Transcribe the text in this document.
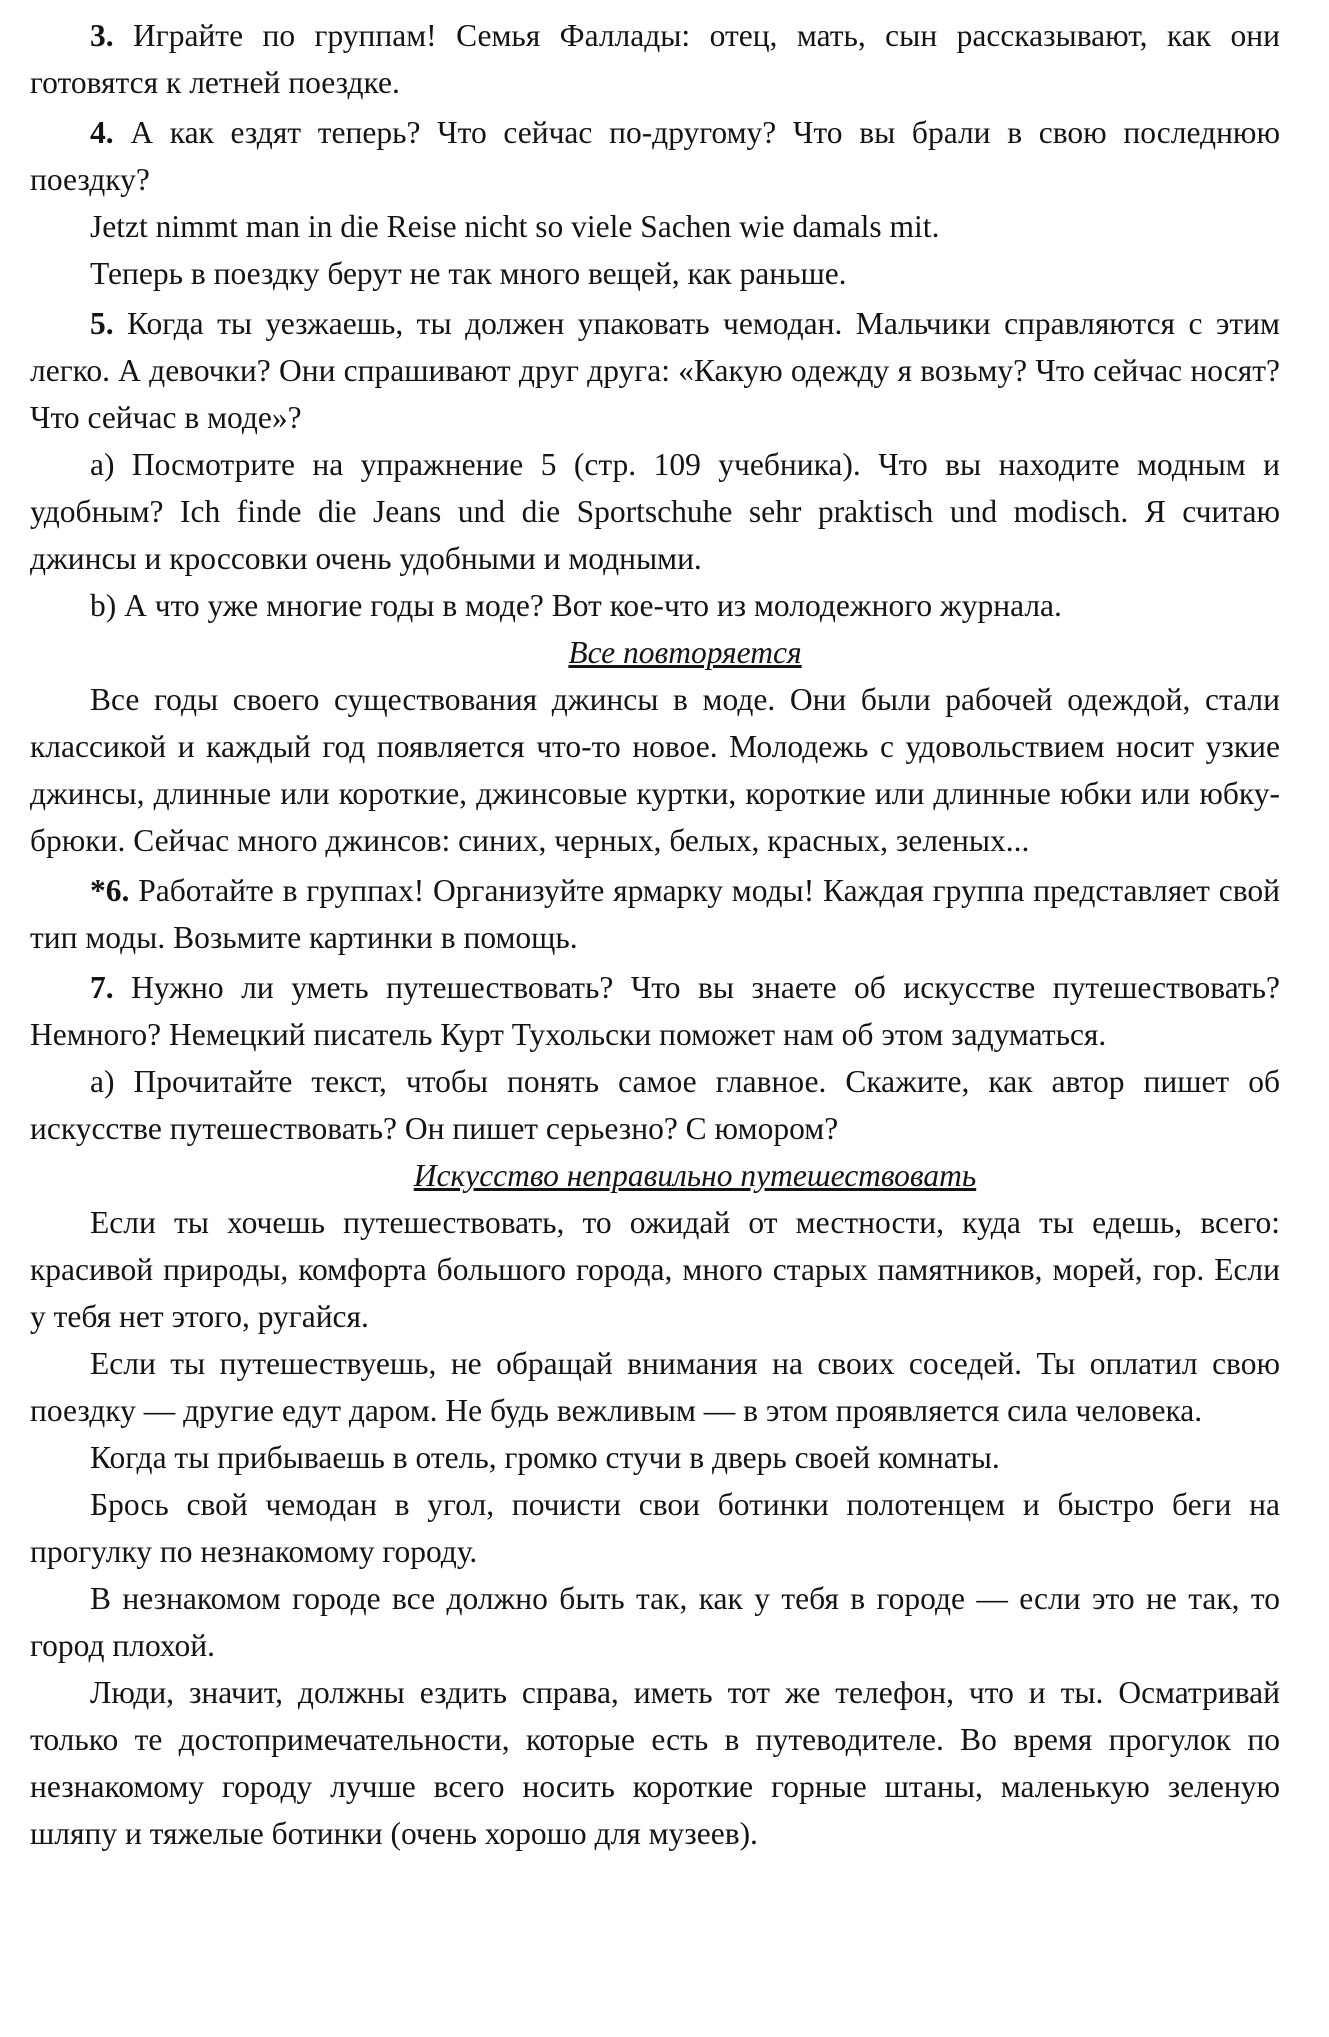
3. Играйте по группам! Семья Фаллады: отец, мать, сын рассказывают, как они готовятся к летней поездке.

4. А как ездят теперь? Что сейчас по-другому? Что вы брали в свою последнюю поездку?

Jetzt nimmt man in die Reise nicht so viele Sachen wie damals mit.

Теперь в поездку берут не так много вещей, как раньше.

5. Когда ты уезжаешь, ты должен упаковать чемодан. Мальчики справляются с этим легко. А девочки? Они спрашивают друг друга: «Какую одежду я возьму? Что сейчас носят? Что сейчас в моде»?

а) Посмотрите на упражнение 5 (стр. 109 учебника). Что вы находите модным и удобным? Ich finde die Jeans und die Sportschuhe sehr praktisch und modisch. Я считаю джинсы и кроссовки очень удобными и модными.

b) А что уже многие годы в моде? Вот кое-что из молодежного журнала.

Все повторяется

Все годы своего существования джинсы в моде. Они были рабочей одеждой, стали классикой и каждый год появляется что-то новое. Молодежь с удовольствием носит узкие джинсы, длинные или короткие, джинсовые куртки, короткие или длинные юбки или юбку-брюки. Сейчас много джинсов: синих, черных, белых, красных, зеленых...

*6. Работайте в группах! Организуйте ярмарку моды! Каждая группа представляет свой тип моды. Возьмите картинки в помощь.

7. Нужно ли уметь путешествовать? Что вы знаете об искусстве путешествовать? Немного? Немецкий писатель Курт Тухольски поможет нам об этом задуматься.

а) Прочитайте текст, чтобы понять самое главное. Скажите, как автор пишет об искусстве путешествовать? Он пишет серьезно? С юмором?

Искусство неправильно путешествовать

Если ты хочешь путешествовать, то ожидай от местности, куда ты едешь, всего: красивой природы, комфорта большого города, много старых памятников, морей, гор. Если у тебя нет этого, ругайся.

Если ты путешествуешь, не обращай внимания на своих соседей. Ты оплатил свою поездку — другие едут даром. Не будь вежливым — в этом проявляется сила человека.

Когда ты прибываешь в отель, громко стучи в дверь своей комнаты.

Брось свой чемодан в угол, почисти свои ботинки полотенцем и быстро беги на прогулку по незнакомому городу.

В незнакомом городе все должно быть так, как у тебя в городе — если это не так, то город плохой.

Люди, значит, должны ездить справа, иметь тот же телефон, что и ты. Осматривай только те достопримечательности, которые есть в путеводителе. Во время прогулок по незнакомому городу лучше всего носить короткие горные штаны, маленькую зеленую шляпу и тяжелые ботинки (очень хорошо для музеев).
